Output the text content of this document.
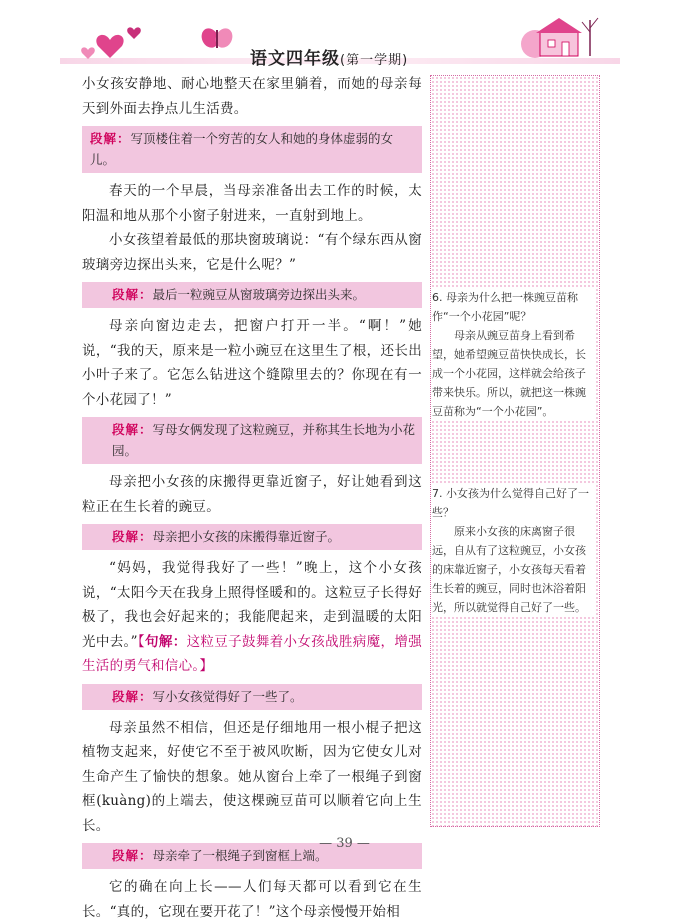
语文四年级(第一学期)

小女孩安静地、耐心地整天在家里躺着，而她的母亲每天到外面去挣点儿生活费。

段解：写顶楼住着一个穷苦的女人和她的身体虚弱的女儿。

春天的一个早晨，当母亲准备出去工作的时候，太阳温和地从那个小窗子射进来，一直射到地上。

小女孩望着最低的那块窗玻璃说：“有个绿东西从窗玻璃旁边探出头来，它是什么呢？”

段解：最后一粒豌豆从窗玻璃旁边探出头来。

母亲向窗边走去，把窗户打开一半。“啊！”她说，“我的天，原来是一粒小豌豆在这里生了根，还长出小叶子来了。它怎么钻进这个缝隙里去的？你现在有一个小花园了！”

段解：写母女俩发现了这粒豌豆，并称其生长地为小花园。

母亲把小女孩的床搬得更靠近窗子，好让她看到这粒正在生长着的豌豆。

段解：母亲把小女孩的床搬得靠近窗子。

“妈妈，我觉得我好了一些！”晚上，这个小女孩说，“太阳今天在我身上照得怪暖和的。这粒豆子长得好极了，我也会好起来的；我能爬起来，走到温暖的太阳光中去。”【句解：这粒豆子鼓舞着小女孩战胜病魔，增强生活的勇气和信心。】

段解：写小女孩觉得好了一些了。

母亲虽然不相信，但还是仔细地用一根小棍子把这植物支起来，好使它不至于被风吹断，因为它使女儿对生命产生了愉快的想象。她从窗台上牵了一根绳子到窗框(kuàng)的上端去，使这棵豌豆苗可以顺着它向上生长。

段解：母亲牵了一根绳子到窗框上端。

它的确在向上长——人们每天都可以看到它在生长。“真的，它现在要开花了！”这个母亲慢慢开始相

6. 母亲为什么把一株豌豆苗称作“一个小花园”呢？

母亲从豌豆苗身上看到希望，她希望豌豆苗快快成长，长成一个小花园，这样就会给孩子带来快乐。所以，就把这一株豌豆苗称为“一个小花园”。

7. 小女孩为什么觉得自己好了一些？

原来小女孩的床离窗子很远，自从有了这粒豌豆，小女孩的床靠近窗子，小女孩每天看着生长着的豌豆，同时也沐浴着阳光，所以就觉得自己好了一些。

— 39 —
